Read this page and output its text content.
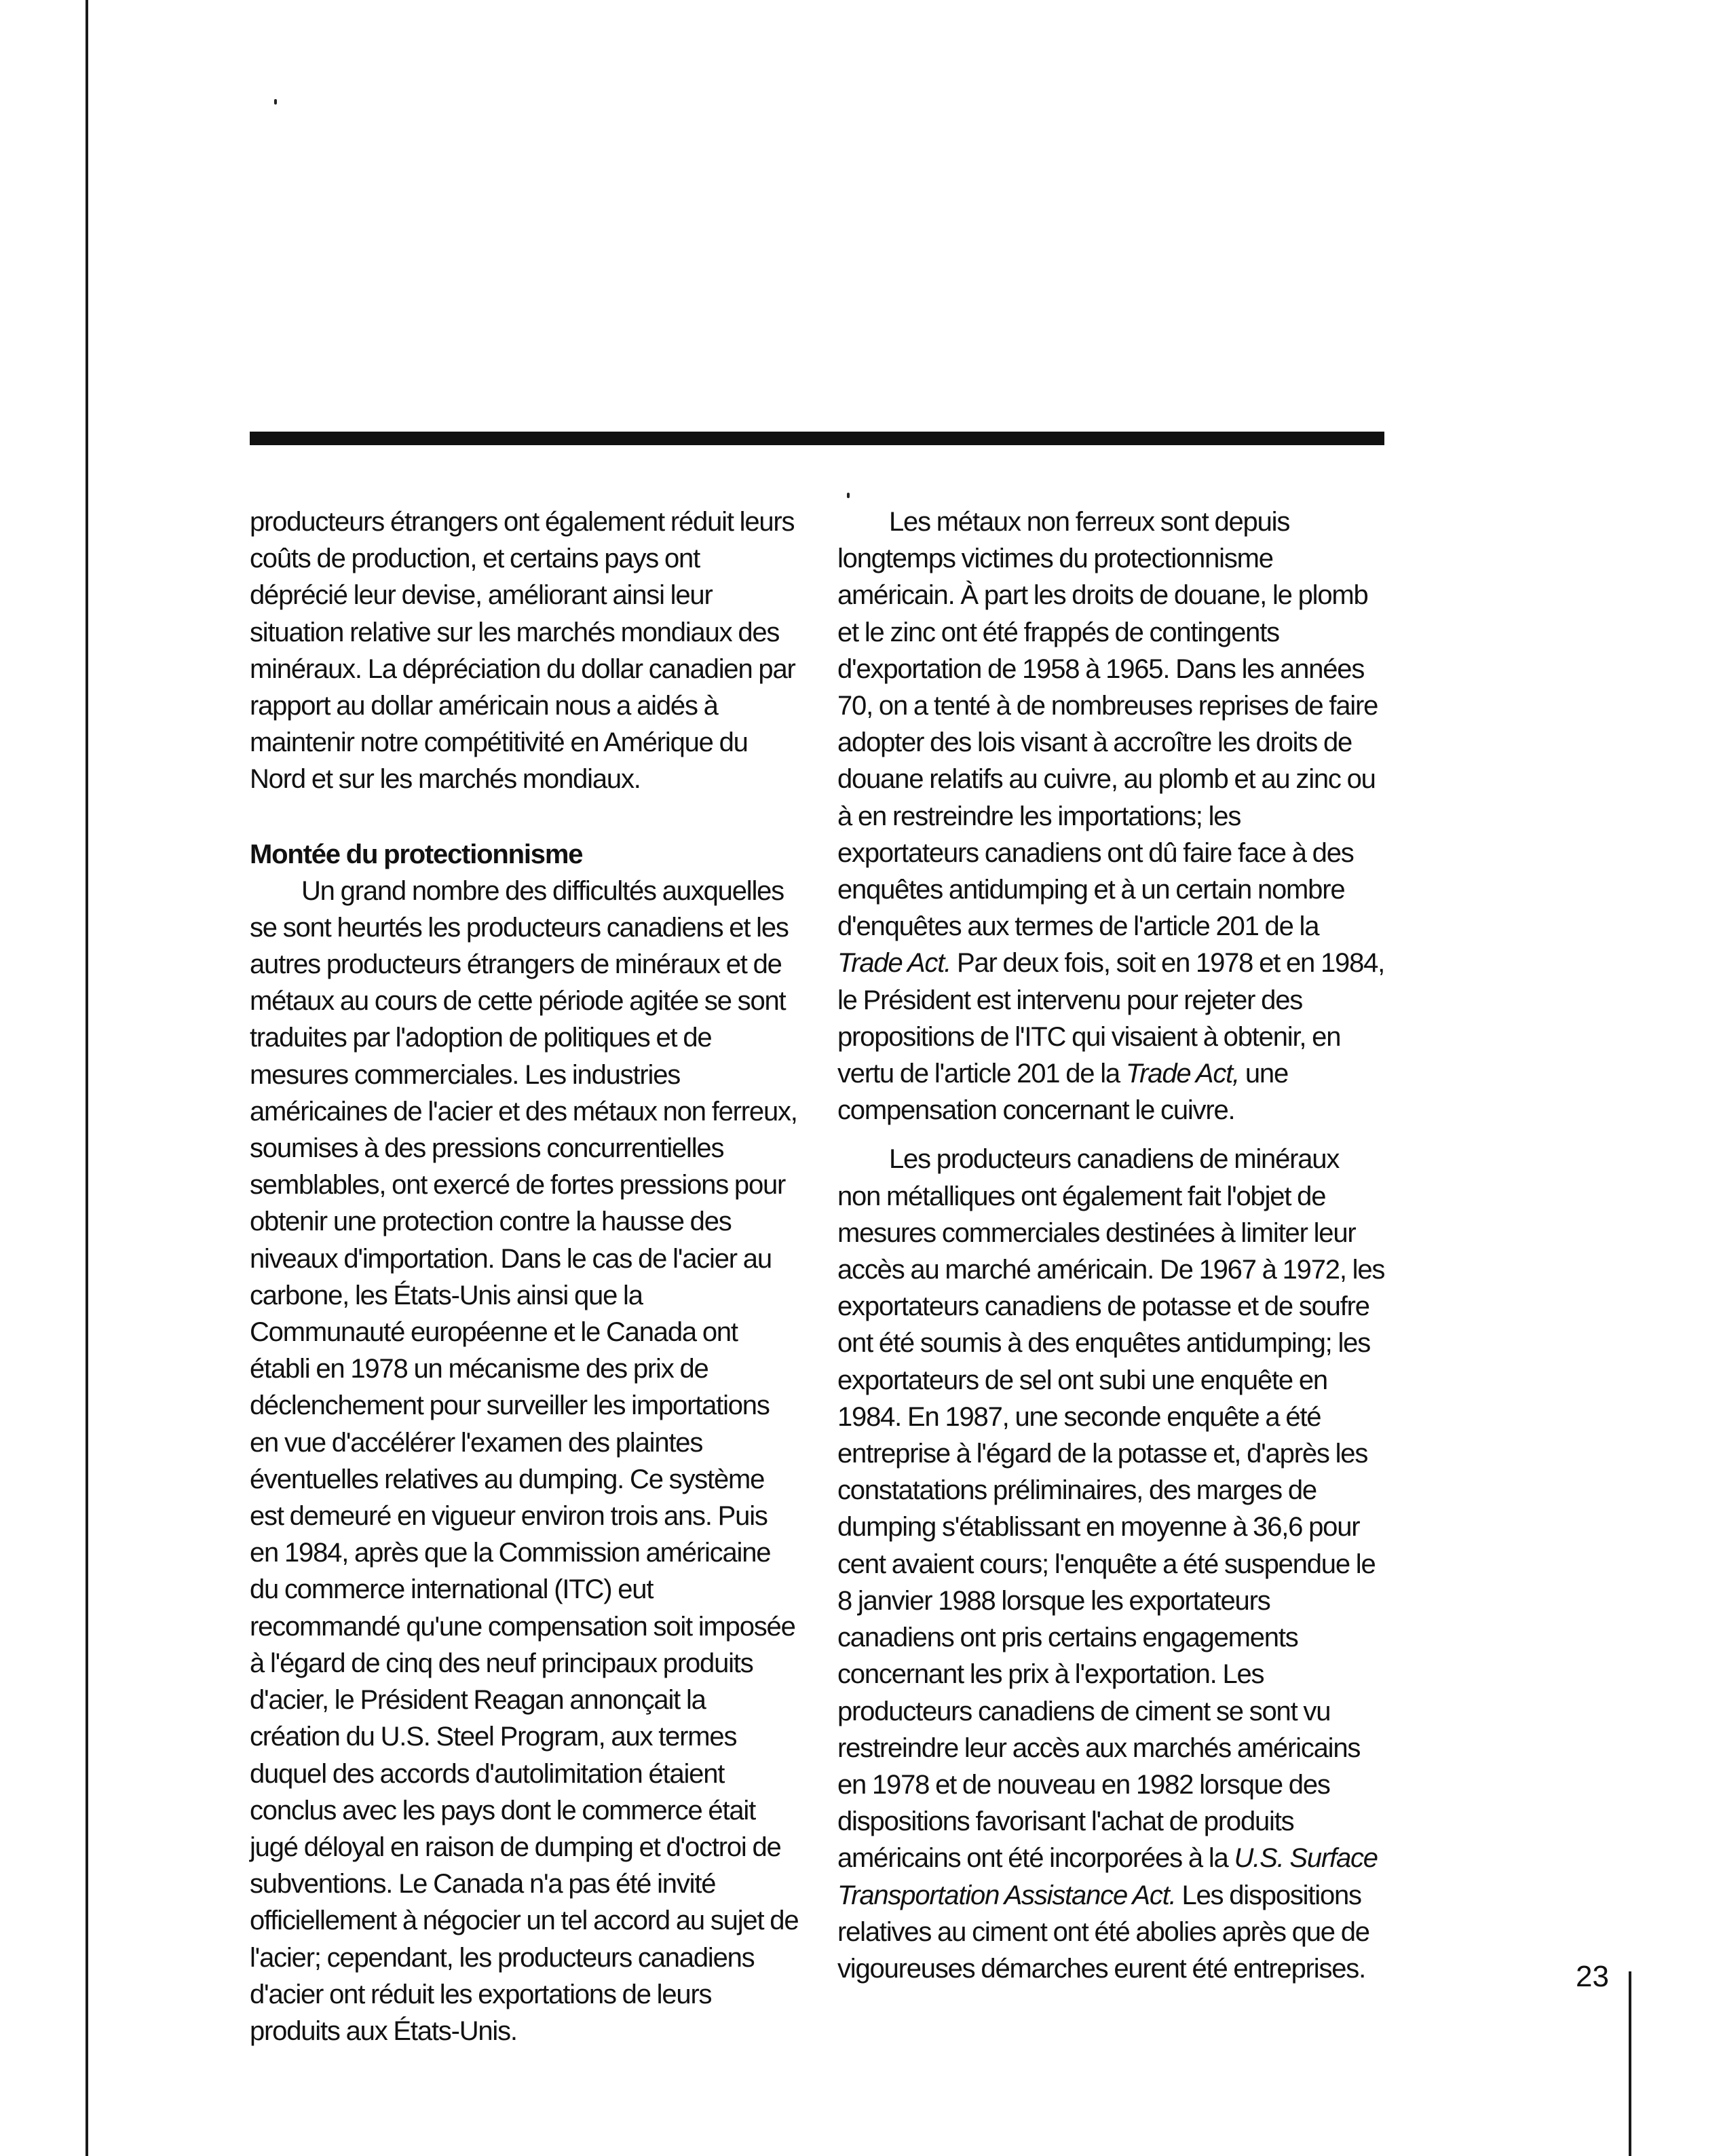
producteurs étrangers ont également réduit leurs coûts de production, et certains pays ont déprécié leur devise, améliorant ainsi leur situation relative sur les marchés mondiaux des minéraux. La dépréciation du dollar canadien par rapport au dollar américain nous a aidés à maintenir notre compétitivité en Amérique du Nord et sur les marchés mondiaux.

Montée du protectionnisme

Un grand nombre des difficultés auxquelles se sont heurtés les producteurs canadiens et les autres producteurs étrangers de minéraux et de métaux au cours de cette période agitée se sont traduites par l'adoption de politiques et de mesures commerciales. Les industries américaines de l'acier et des métaux non ferreux, soumises à des pressions concurrentielles semblables, ont exercé de fortes pressions pour obtenir une protection contre la hausse des niveaux d'importation. Dans le cas de l'acier au carbone, les États-Unis ainsi que la Communauté européenne et le Canada ont établi en 1978 un mécanisme des prix de déclenchement pour surveiller les importations en vue d'accélérer l'examen des plaintes éventuelles relatives au dumping. Ce système est demeuré en vigueur environ trois ans. Puis en 1984, après que la Commission américaine du commerce international (ITC) eut recommandé qu'une compensation soit imposée à l'égard de cinq des neuf principaux produits d'acier, le Président Reagan annonçait la création du U.S. Steel Program, aux termes duquel des accords d'autolimitation étaient conclus avec les pays dont le commerce était jugé déloyal en raison de dumping et d'octroi de subventions. Le Canada n'a pas été invité officiellement à négocier un tel accord au sujet de l'acier; cependant, les producteurs canadiens d'acier ont réduit les exportations de leurs produits aux États-Unis.

Les métaux non ferreux sont depuis longtemps victimes du protectionnisme américain. À part les droits de douane, le plomb et le zinc ont été frappés de contingents d'exportation de 1958 à 1965. Dans les années 70, on a tenté à de nombreuses reprises de faire adopter des lois visant à accroître les droits de douane relatifs au cuivre, au plomb et au zinc ou à en restreindre les importations; les exportateurs canadiens ont dû faire face à des enquêtes antidumping et à un certain nombre d'enquêtes aux termes de l'article 201 de la Trade Act. Par deux fois, soit en 1978 et en 1984, le Président est intervenu pour rejeter des propositions de l'ITC qui visaient à obtenir, en vertu de l'article 201 de la Trade Act, une compensation concernant le cuivre.

Les producteurs canadiens de minéraux non métalliques ont également fait l'objet de mesures commerciales destinées à limiter leur accès au marché américain. De 1967 à 1972, les exportateurs canadiens de potasse et de soufre ont été soumis à des enquêtes antidumping; les exportateurs de sel ont subi une enquête en 1984. En 1987, une seconde enquête a été entreprise à l'égard de la potasse et, d'après les constatations préliminaires, des marges de dumping s'établissant en moyenne à 36,6 pour cent avaient cours; l'enquête a été suspendue le 8 janvier 1988 lorsque les exportateurs canadiens ont pris certains engagements concernant les prix à l'exportation. Les producteurs canadiens de ciment se sont vu restreindre leur accès aux marchés américains en 1978 et de nouveau en 1982 lorsque des dispositions favorisant l'achat de produits américains ont été incorporées à la U.S. Surface Transportation Assistance Act. Les dispositions relatives au ciment ont été abolies après que de vigoureuses démarches eurent été entreprises.	23
